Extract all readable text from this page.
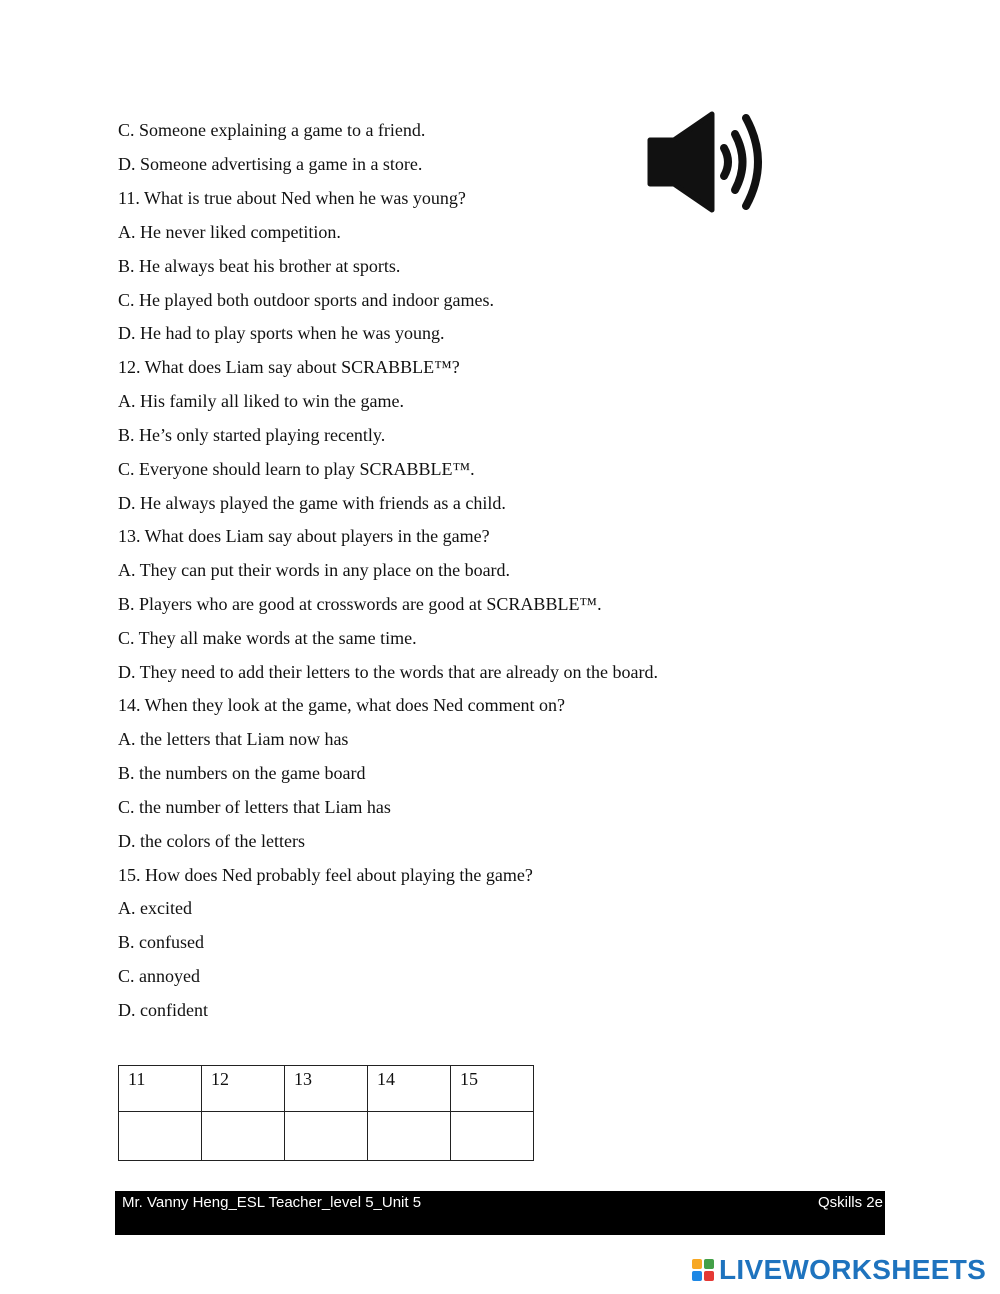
C. Someone explaining a game to a friend.

D. Someone advertising a game in a store.

11. What is true about Ned when he was young?

A. He never liked competition.

B. He always beat his brother at sports.

C. He played both outdoor sports and indoor games.

D. He had to play sports when he was young.

12. What does Liam say about SCRABBLE™?

A. His family all liked to win the game.

B. He’s only started playing recently.

C. Everyone should learn to play SCRABBLE™.

D. He always played the game with friends as a child.

13. What does Liam say about players in the game?

A. They can put their words in any place on the board.

B. Players who are good at crosswords are good at SCRABBLE™.

C. They all make words at the same time.

D. They need to add their letters to the words that are already on the board.

14. When they look at the game, what does Ned comment on?

A. the letters that Liam now has

B. the numbers on the game board

C. the number of letters that Liam has

D. the colors of the letters

15. How does Ned probably feel about playing the game?

A. excited

B. confused

C. annoyed

D. confident

11	12	13	14	15

Mr. Vanny Heng_ESL Teacher_level 5_Unit 5	Qskills 2e
LIVEWORKSHEETS
